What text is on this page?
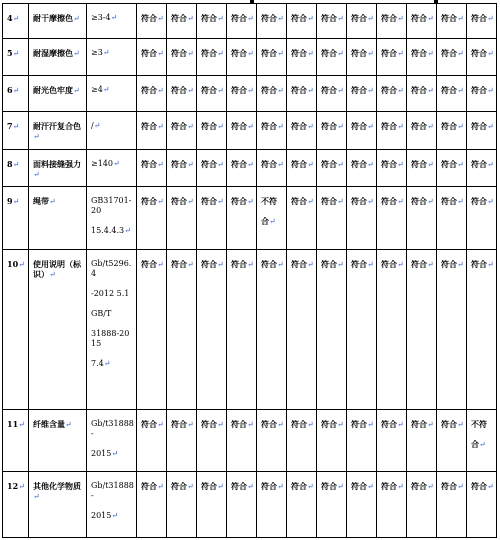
4↵	耐干摩擦色↵	≥3-4↵	符合↵	符合↵	符合↵	符合↵	符合↵	符合↵	符合↵	符合↵	符合↵	符合↵	符合↵	符合↵
5↵	耐湿摩擦色↵	≥3↵	符合↵	符合↵	符合↵	符合↵	符合↵	符合↵	符合↵	符合↵	符合↵	符合↵	符合↵	符合↵
6↵	耐光色牢度↵	≥4↵	符合↵	符合↵	符合↵	符合↵	符合↵	符合↵	符合↵	符合↵	符合↵	符合↵	符合↵	符合↵
7↵	耐汗汗复合色↵	/↵	符合↵	符合↵	符合↵	符合↵	符合↵	符合↵	符合↵	符合↵	符合↵	符合↵	符合↵	符合↵
8↵	面料接缝强力↵	≥140↵	符合↵	符合↵	符合↵	符合↵	符合↵	符合↵	符合↵	符合↵	符合↵	符合↵	符合↵	符合↵
9↵	绳带↵	GB31701-20
15.4.4.3↵	符合↵	符合↵	符合↵	符合↵	不符
合↵	符合↵	符合↵	符合↵	符合↵	符合↵	符合↵	符合↵
10↵	使用说明（标识）↵	Gb/t5296.4
-2012 5.1
GB/T
31888-2015
7.4↵	符合↵	符合↵	符合↵	符合↵	符合↵	符合↵	符合↵	符合↵	符合↵	符合↵	符合↵	符合↵
11↵	纤维含量↵	Gb/t31888-
2015↵	符合↵	符合↵	符合↵	符合↵	符合↵	符合↵	符合↵	符合↵	符合↵	符合↵	符合↵	不符
合↵
12↵	其他化学物质↵	Gb/t31888-
2015↵	符合↵	符合↵	符合↵	符合↵	符合↵	符合↵	符合↵	符合↵	符合↵	符合↵	符合↵	符合↵
